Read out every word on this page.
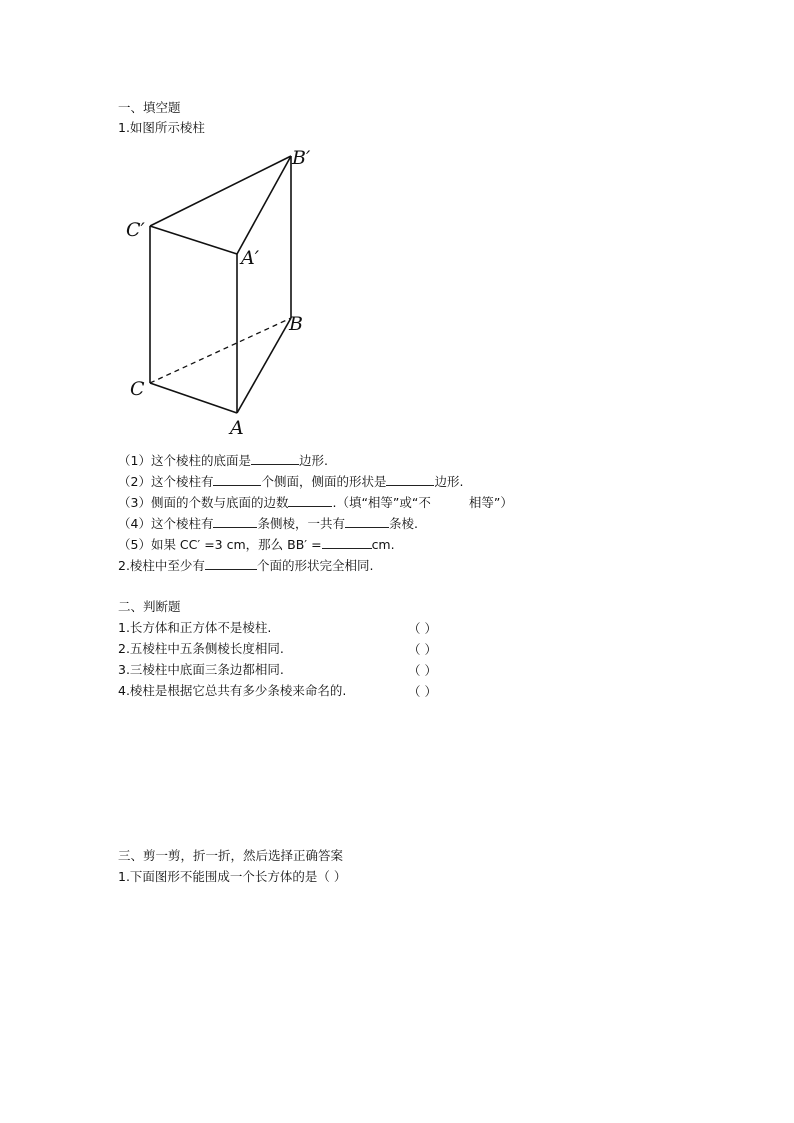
一、填空题
1.如图所示棱柱
B′
C′
A′
B
C
A
（1）这个棱柱的底面是	边形.
（2）这个棱柱有	个侧面，侧面的形状是	边形.
（3）侧面的个数与底面的边数	.（填“相等”或“不	相等”）
（4）这个棱柱有	条侧棱，一共有	条棱.
（5）如果 CC′ =3 cm，那么 BB′ =	cm.
2.棱柱中至少有	个面的形状完全相同.
二、判断题
1.长方体和正方体不是棱柱.	（ ）
2.五棱柱中五条侧棱长度相同.	（ ）
3.三棱柱中底面三条边都相同.	（ ）
4.棱柱是根据它总共有多少条棱来命名的.	（ ）
三、剪一剪，折一折，然后选择正确答案
1.下面图形不能围成一个长方体的是（ ）
